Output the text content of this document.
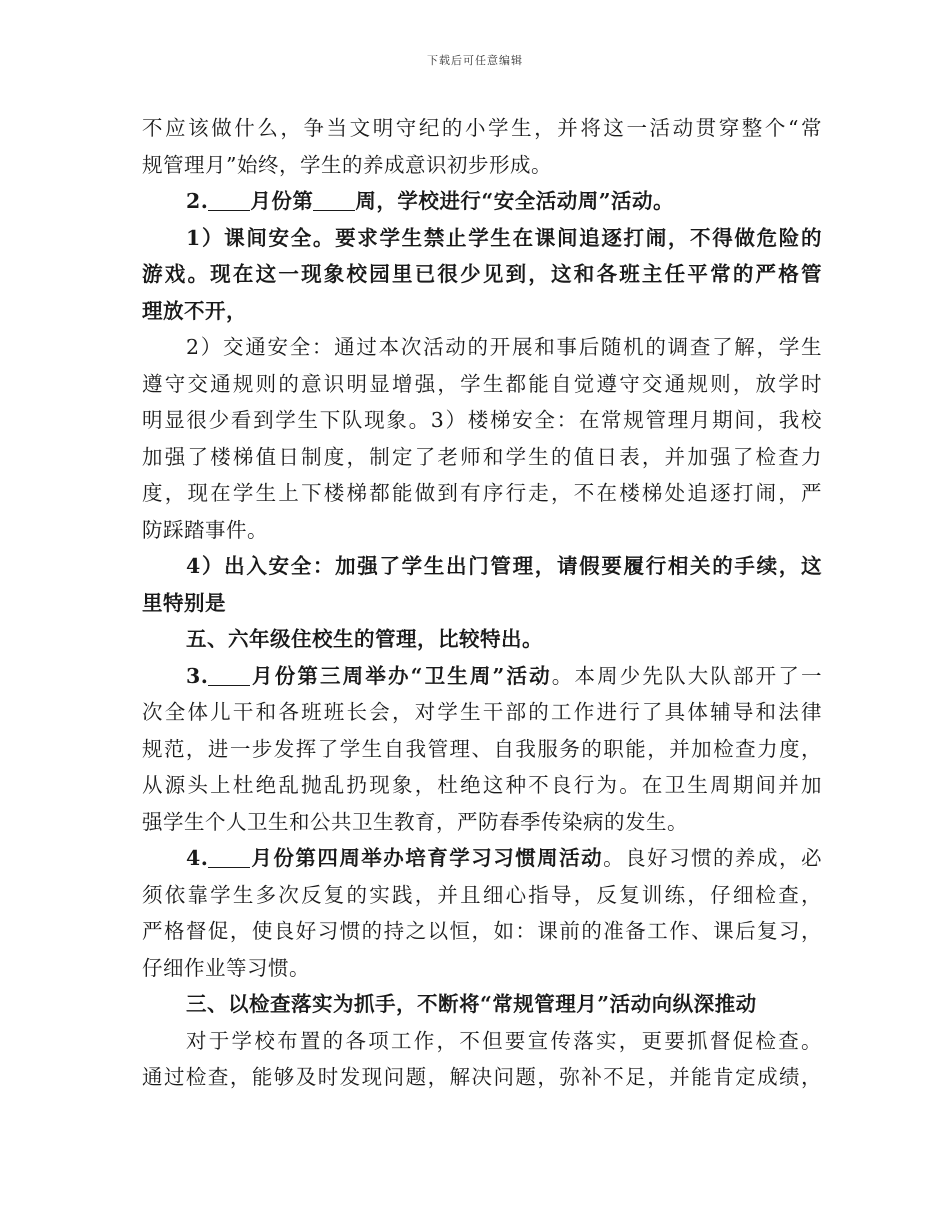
下载后可任意编辑
不应该做什么，争当文明守纪的小学生，并将这一活动贯穿整个“常
规管理月”始终，学生的养成意识初步形成。
2. 月份第 周，学校进行“安全活动周”活动。
1）课间安全。要求学生禁止学生在课间追逐打闹，不得做危险的
游戏。现在这一现象校园里已很少见到，这和各班主任平常的严格管
理放不开，
2）交通安全：通过本次活动的开展和事后随机的调查了解，学生
遵守交通规则的意识明显增强，学生都能自觉遵守交通规则，放学时
明显很少看到学生下队现象。3）楼梯安全：在常规管理月期间，我校
加强了楼梯值日制度，制定了老师和学生的值日表，并加强了检查力
度，现在学生上下楼梯都能做到有序行走，不在楼梯处追逐打闹，严
防踩踏事件。
4）出入安全：加强了学生出门管理，请假要履行相关的手续，这
里特别是
五、六年级住校生的管理，比较特出。
3. 月份第三周举办“卫生周”活动。本周少先队大队部开了一
次全体儿干和各班班长会，对学生干部的工作进行了具体辅导和法律
规范，进一步发挥了学生自我管理、自我服务的职能，并加检查力度，
从源头上杜绝乱抛乱扔现象，杜绝这种不良行为。在卫生周期间并加
强学生个人卫生和公共卫生教育，严防春季传染病的发生。
4. 月份第四周举办培育学习习惯周活动。良好习惯的养成，必
须依靠学生多次反复的实践，并且细心指导，反复训练，仔细检查，
严格督促，使良好习惯的持之以恒，如：课前的准备工作、课后复习，
仔细作业等习惯。
三、以检查落实为抓手，不断将“常规管理月”活动向纵深推动
对于学校布置的各项工作，不但要宣传落实，更要抓督促检查。
通过检查，能够及时发现问题，解决问题，弥补不足，并能肯定成绩，
